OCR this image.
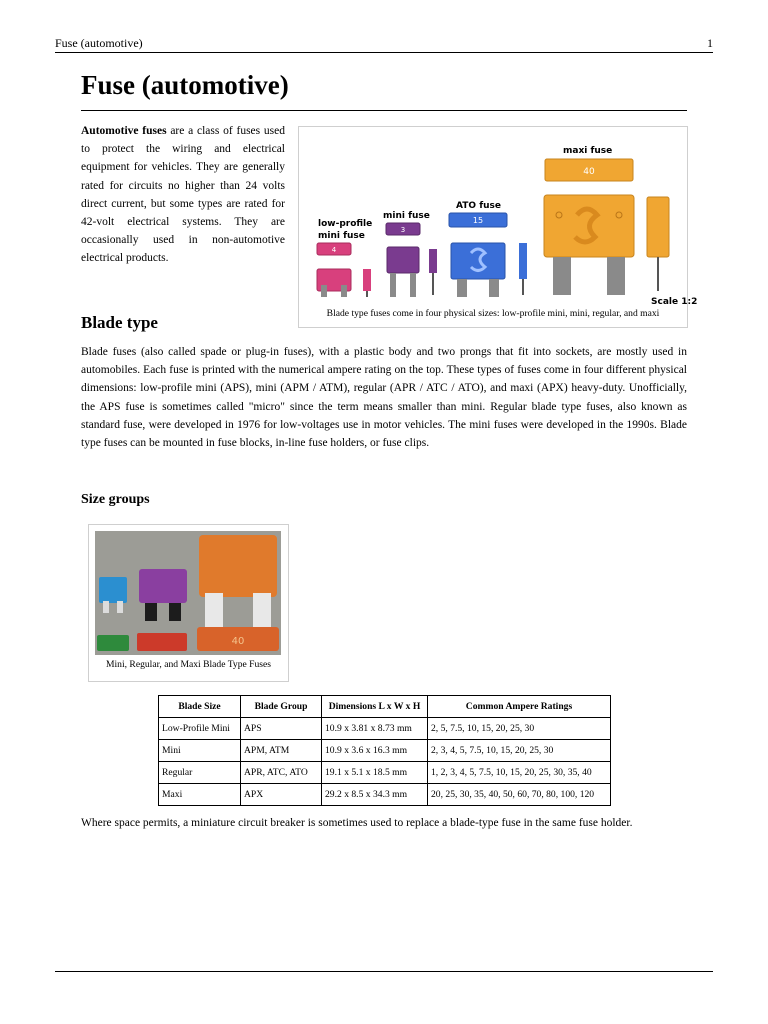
Fuse (automotive)	1
Fuse (automotive)

Automotive fuses are a class of fuses used to protect the wiring and electrical equipment for vehicles. They are generally rated for circuits no higher than 24 volts direct current, but some types are rated for 42-volt electrical systems. They are occasionally used in non-automotive electrical products.

maxi fuse
40
Scale 1:2
ATO fuse
15
mini fuse
3
low-profile
mini fuse
4
Blade type fuses come in four physical sizes: low-profile mini, mini, regular, and maxi
Blade type

Blade fuses (also called spade or plug-in fuses), with a plastic body and two prongs that fit into sockets, are mostly used in automobiles. Each fuse is printed with the numerical ampere rating on the top. These types of fuses come in four different physical dimensions: low-profile mini (APS), mini (APM / ATM), regular (APR / ATC / ATO), and maxi (APX) heavy-duty. Unofficially, the APS fuse is sometimes called "micro" since the term means smaller than mini. Regular blade type fuses, also known as standard fuse, were developed in 1976 for low-voltages use in motor vehicles. The mini fuses were developed in the 1990s. Blade type fuses can be mounted in fuse blocks, in-line fuse holders, or fuse clips.

Size groups
40
Mini, Regular, and Maxi Blade Type Fuses
Blade Size	Blade Group	Dimensions L x W x H	Common Ampere Ratings
Low-Profile Mini	APS	10.9 x 3.81 x 8.73 mm	2, 5, 7.5, 10, 15, 20, 25, 30
Mini	APM, ATM	10.9 x 3.6 x 16.3 mm	2, 3, 4, 5, 7.5, 10, 15, 20, 25, 30
Regular	APR, ATC, ATO	19.1 x 5.1 x 18.5 mm	1, 2, 3, 4, 5, 7.5, 10, 15, 20, 25, 30, 35, 40
Maxi	APX	29.2 x 8.5 x 34.3 mm	20, 25, 30, 35, 40, 50, 60, 70, 80, 100, 120

Where space permits, a miniature circuit breaker is sometimes used to replace a blade-type fuse in the same fuse holder.
